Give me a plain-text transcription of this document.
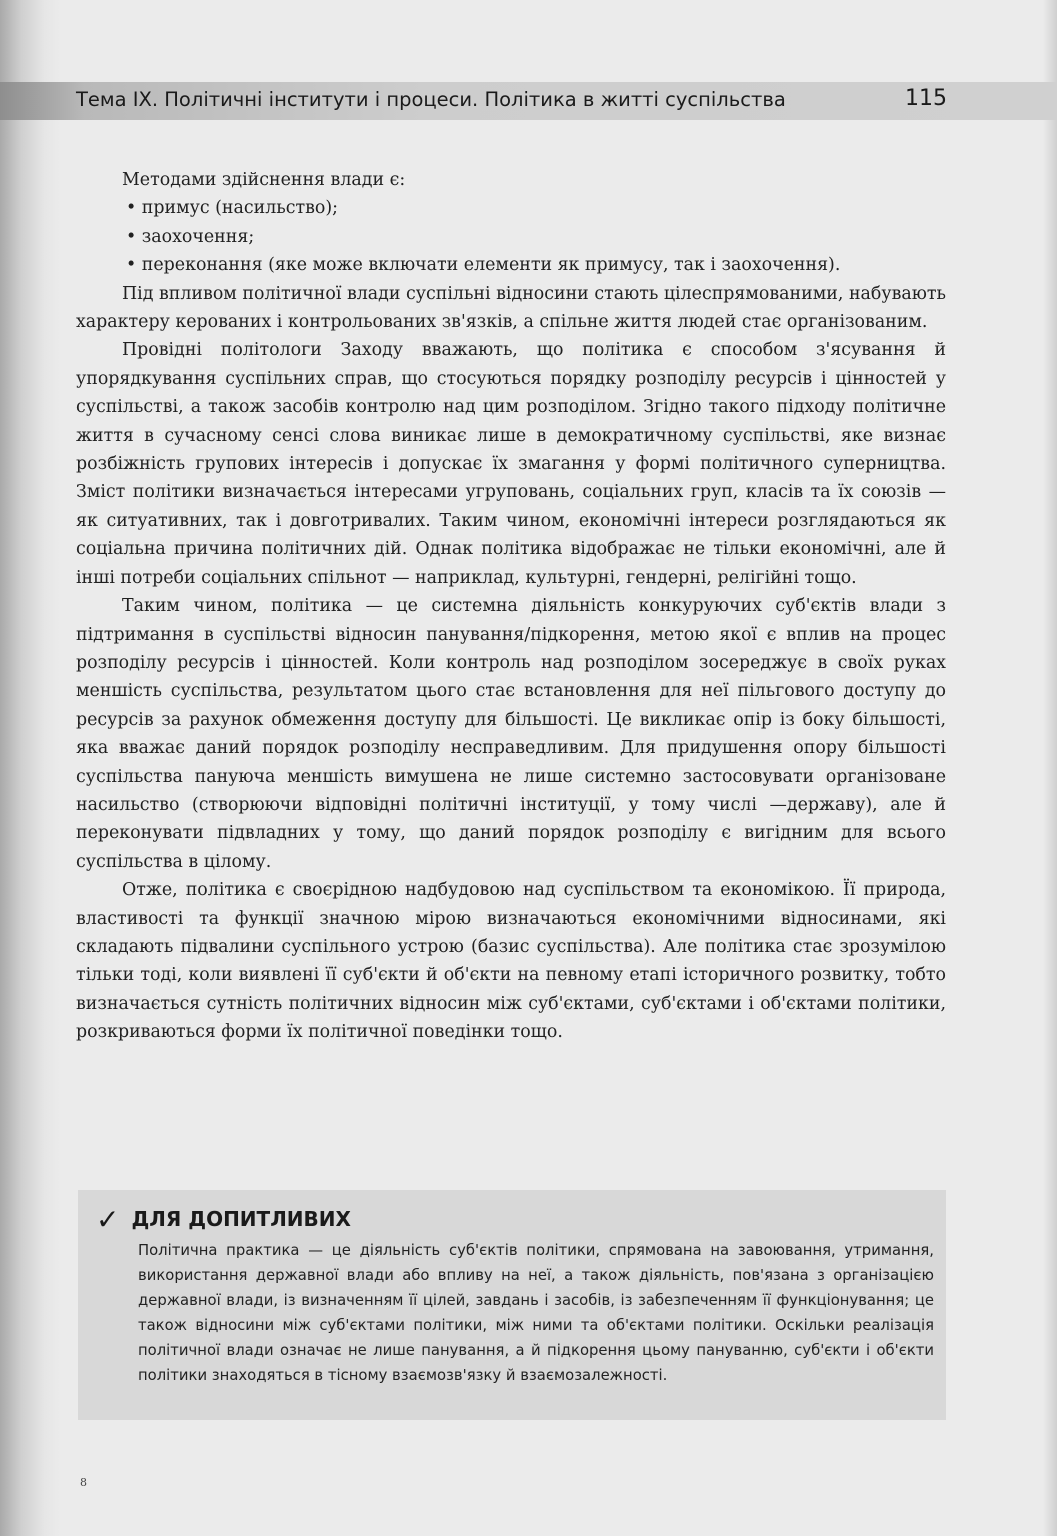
Тема IX. Політичні інститути і процеси. Політика в житті суспільства	115

Методами здійснення влади є:

• примус (насильство);

• заохочення;

• переконання (яке може включати елементи як примусу, так і заохочення).

Під впливом політичної влади суспільні відносини стають цілеспрямованими, набувають характеру керованих і контрольованих зв'язків, а спільне життя людей стає організованим.

Провідні політологи Заходу вважають, що політика є способом з'ясування й упорядкування суспільних справ, що стосуються порядку розподілу ресурсів і цінностей у суспільстві, а також засобів контролю над цим розподілом. Згідно такого підходу політичне життя в сучасному сенсі слова виникає лише в демократичному суспільстві, яке визнає розбіжність групових інтересів і допускає їх змагання у формі політичного суперництва. Зміст політики визначається інтересами угруповань, соціальних груп, класів та їх союзів — як ситуативних, так і довготривалих. Таким чином, економічні інтереси розглядаються як соціальна причина політичних дій. Однак політика відображає не тільки економічні, але й інші потреби соціальних спільнот — наприклад, культурні, гендерні, релігійні тощо.

Таким чином, політика — це системна діяльність конкуруючих суб'єктів влади з підтримання в суспільстві відносин панування/підкорення, метою якої є вплив на процес розподілу ресурсів і цінностей. Коли контроль над розподілом зосереджує в своїх руках меншість суспільства, результатом цього стає встановлення для неї пільгового доступу до ресурсів за рахунок обмеження доступу для більшості. Це викликає опір із боку більшості, яка вважає даний порядок розподілу несправедливим. Для придушення опору більшості суспільства пануюча меншість вимушена не лише системно застосовувати організоване насильство (створюючи відповідні політичні інституції, у тому числі —державу), але й переконувати підвладних у тому, що даний порядок розподілу є вигідним для всього суспільства в цілому.

Отже, політика є своєрідною надбудовою над суспільством та економікою. Її природа, властивості та функції значною мірою визначаються економічними відносинами, які складають підвалини суспільного устрою (базис суспільства). Але політика стає зрозумілою тільки тоді, коли виявлені її суб'єкти й об'єкти на певному етапі історичного розвитку, тобто визначається сутність політичних відносин між суб'єктами, суб'єктами і об'єктами політики, розкриваються форми їх політичної поведінки тощо.

✓ ДЛЯ ДОПИТЛИВИХ
Політична практика — це діяльність суб'єктів політики, спрямована на завоювання, утримання, використання державної влади або впливу на неї, а також діяльність, пов'язана з організацією державної влади, із визначенням її цілей, завдань і засобів, із забезпеченням її функціонування; це також відносини між суб'єктами політики, між ними та об'єктами політики. Оскільки реалізація політичної влади означає не лише панування, а й підкорення цьому пануванню, суб'єкти і об'єкти політики знаходяться в тісному взаємозв'язку й взаємозалежності.
8
